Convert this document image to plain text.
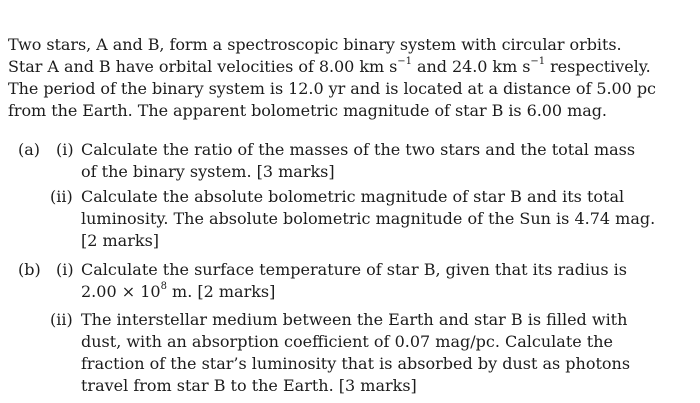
Two stars, A and B, form a spectroscopic binary system with circular orbits.
Star A and B have orbital velocities of 8.00 km $s^{-1}$ and 24.0 km $s^{-1}$ respectively.
The period of the binary system is 12.0 yr and is located at a distance of 5.00 pc
from the Earth. The apparent bolometric magnitude of star B is 6.00 mag.
(a) (i) Calculate the ratio of the masses of the two stars and the total mass
of the binary system. [3 marks]
(ii) Calculate the absolute bolometric magnitude of star B and its total
luminosity. The absolute bolometric magnitude of the Sun is 4.74 mag.
[2 marks]
(b) (i) Calculate the surface temperature of star B, given that its radius is
$2.00 \times 10^8$ m. [2 marks]
(ii) The interstellar medium between the Earth and star B is filled with
dust, with an absorption coefficient of 0.07 mag/pc. Calculate the
fraction of the star’s luminosity that is absorbed by dust as photons
travel from star B to the Earth. [3 marks]
